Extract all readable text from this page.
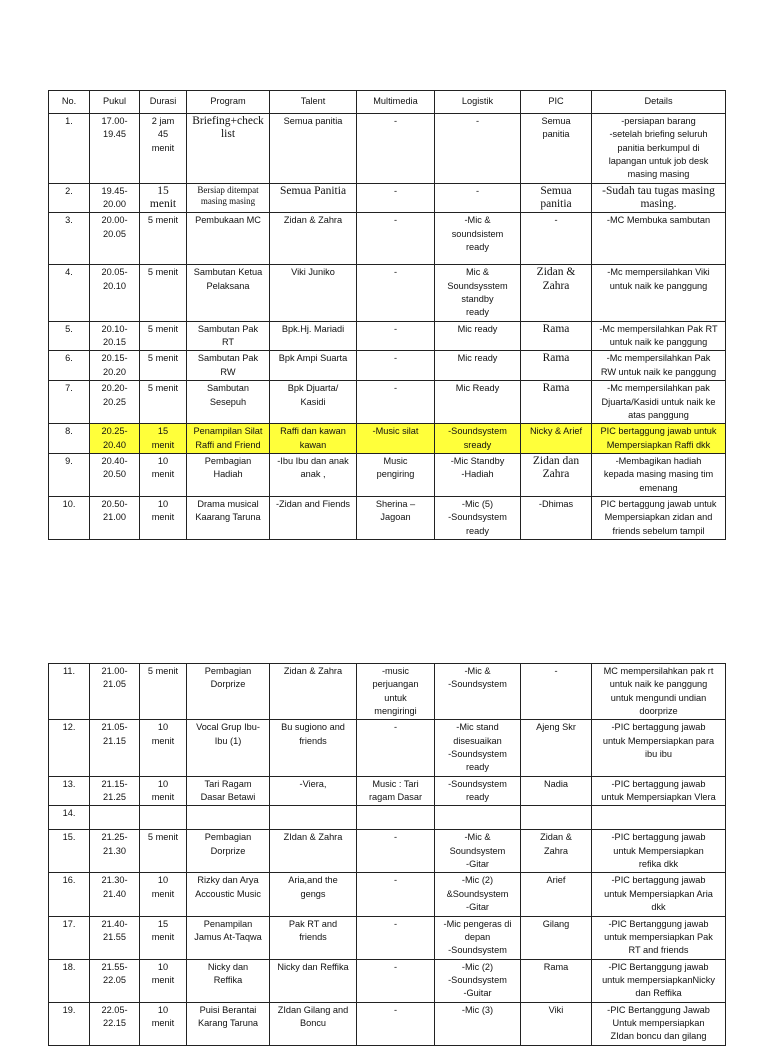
No.	Pukul	Durasi	Program	Talent	Multimedia	Logistik	PIC	Details
1.	17.00-
19.45	2 jam
45
menit	Briefing+check
list	Semua panitia	-	-	Semua
panitia	-persiapan barang
-setelah briefing seluruh
panitia berkumpul di
lapangan untuk job desk
masing masing
2.	19.45-
20.00	15
menit	Bersiap ditempat
masing masing	Semua Panitia	-	-	Semua
panitia	-Sudah tau tugas masing
masing.
3.	20.00-
20.05	5 menit	Pembukaan MC	Zidan & Zahra	-	-Mic &
soundsistem
ready	-	-MC Membuka sambutan
4.	20.05-
20.10	5 menit	Sambutan Ketua
Pelaksana	Viki Juniko	-	Mic &
Soundsysstem
standby
ready	Zidan &
Zahra	-Mc mempersilahkan Viki
untuk naik ke panggung
5.	20.10-
20.15	5 menit	Sambutan Pak
RT	Bpk.Hj. Mariadi	-	Mic ready	Rama	-Mc mempersilahkan Pak RT
untuk naik ke panggung
6.	20.15-
20.20	5 menit	Sambutan Pak
RW	Bpk Ampi Suarta	-	Mic ready	Rama	-Mc mempersilahkan Pak
RW untuk naik ke panggung
7.	20.20-
20.25	5 menit	Sambutan
Sesepuh	Bpk Djuarta/
Kasidi	-	Mic Ready	Rama	-Mc mempersilahkan pak
Djuarta/Kasidi untuk naik ke
atas panggung
8.	20.25-
20.40	15
menit	Penampilan Silat
Raffi and Friend	Raffi dan kawan
kawan	-Music silat	-Soundsystem
sready	Nicky & Arief	PIC bertaggung jawab untuk
Mempersiapkan Raffi dkk
9.	20.40-
20.50	10
menit	Pembagian
Hadiah	-Ibu Ibu dan anak
anak ,	Music
pengiring	-Mic Standby
-Hadiah	Zidan dan
Zahra	-Membagikan hadiah
kepada masing masing tim
emenang
10.	20.50-
21.00	10
menit	Drama musical
Kaarang Taruna	-Zidan and Fiends	Sherina –
Jagoan	-Mic (5)
-Soundsystem
ready	-Dhimas	PIC bertaggung jawab untuk
Mempersiapkan zidan and
friends sebelum tampil
11.	21.00-
21.05	5 menit	Pembagian
Dorprize	Zidan & Zahra	-music
perjuangan
untuk
mengiringi	-Mic &
-Soundsystem	-	MC mempersilahkan pak rt
untuk naik ke panggung
untuk mengundi undian
doorprize
12.	21.05-
21.15	10
menit	Vocal Grup Ibu-
Ibu (1)	Bu sugiono and
friends	-	-Mic stand
disesuaikan
-Soundsystem
ready	Ajeng Skr	-PIC bertaggung jawab
untuk Mempersiapkan para
ibu ibu
13.	21.15-
21.25	10
menit	Tari Ragam
Dasar Betawi	-Viera,	Music : Tari
ragam Dasar	-Soundsystem
ready	Nadia	-PIC bertaggung jawab
untuk Mempersiapkan Vlera
14.								
15.	21.25-
21.30	5 menit	Pembagian
Dorprize	ZIdan & Zahra	-	-Mic &
Soundsystem
-Gitar	Zidan &
Zahra	-PIC bertaggung jawab
untuk Mempersiapkan
refika dkk
16.	21.30-
21.40	10
menit	Rizky dan Arya
Accoustic Music	Aria,and the
gengs	-	-Mic (2)
&Soundsystem
-Gitar	Arief	-PIC bertaggung jawab
untuk Mempersiapkan Aria
dkk
17.	21.40-
21.55	15
menit	Penampilan
Jamus At-Taqwa	Pak RT and
friends	-	-Mic pengeras di
depan
-Soundsystem	Gilang	-PIC Bertanggung jawab
untuk mempersiapkan Pak
RT and friends
18.	21.55-
22.05	10
menit	Nicky dan
Reffika	Nicky dan Reffika	-	-Mic (2)
-Soundsystem
-Guitar	Rama	-PIC Bertanggung jawab
untuk mempersiapkanNicky
dan Reffika
19.	22.05-
22.15	10
menit	Puisi Berantai
Karang Taruna	ZIdan Gilang and
Boncu	-	-Mic (3)	Viki	-PIC Bertanggung Jawab
Untuk mempersiapkan
ZIdan boncu dan gilang
